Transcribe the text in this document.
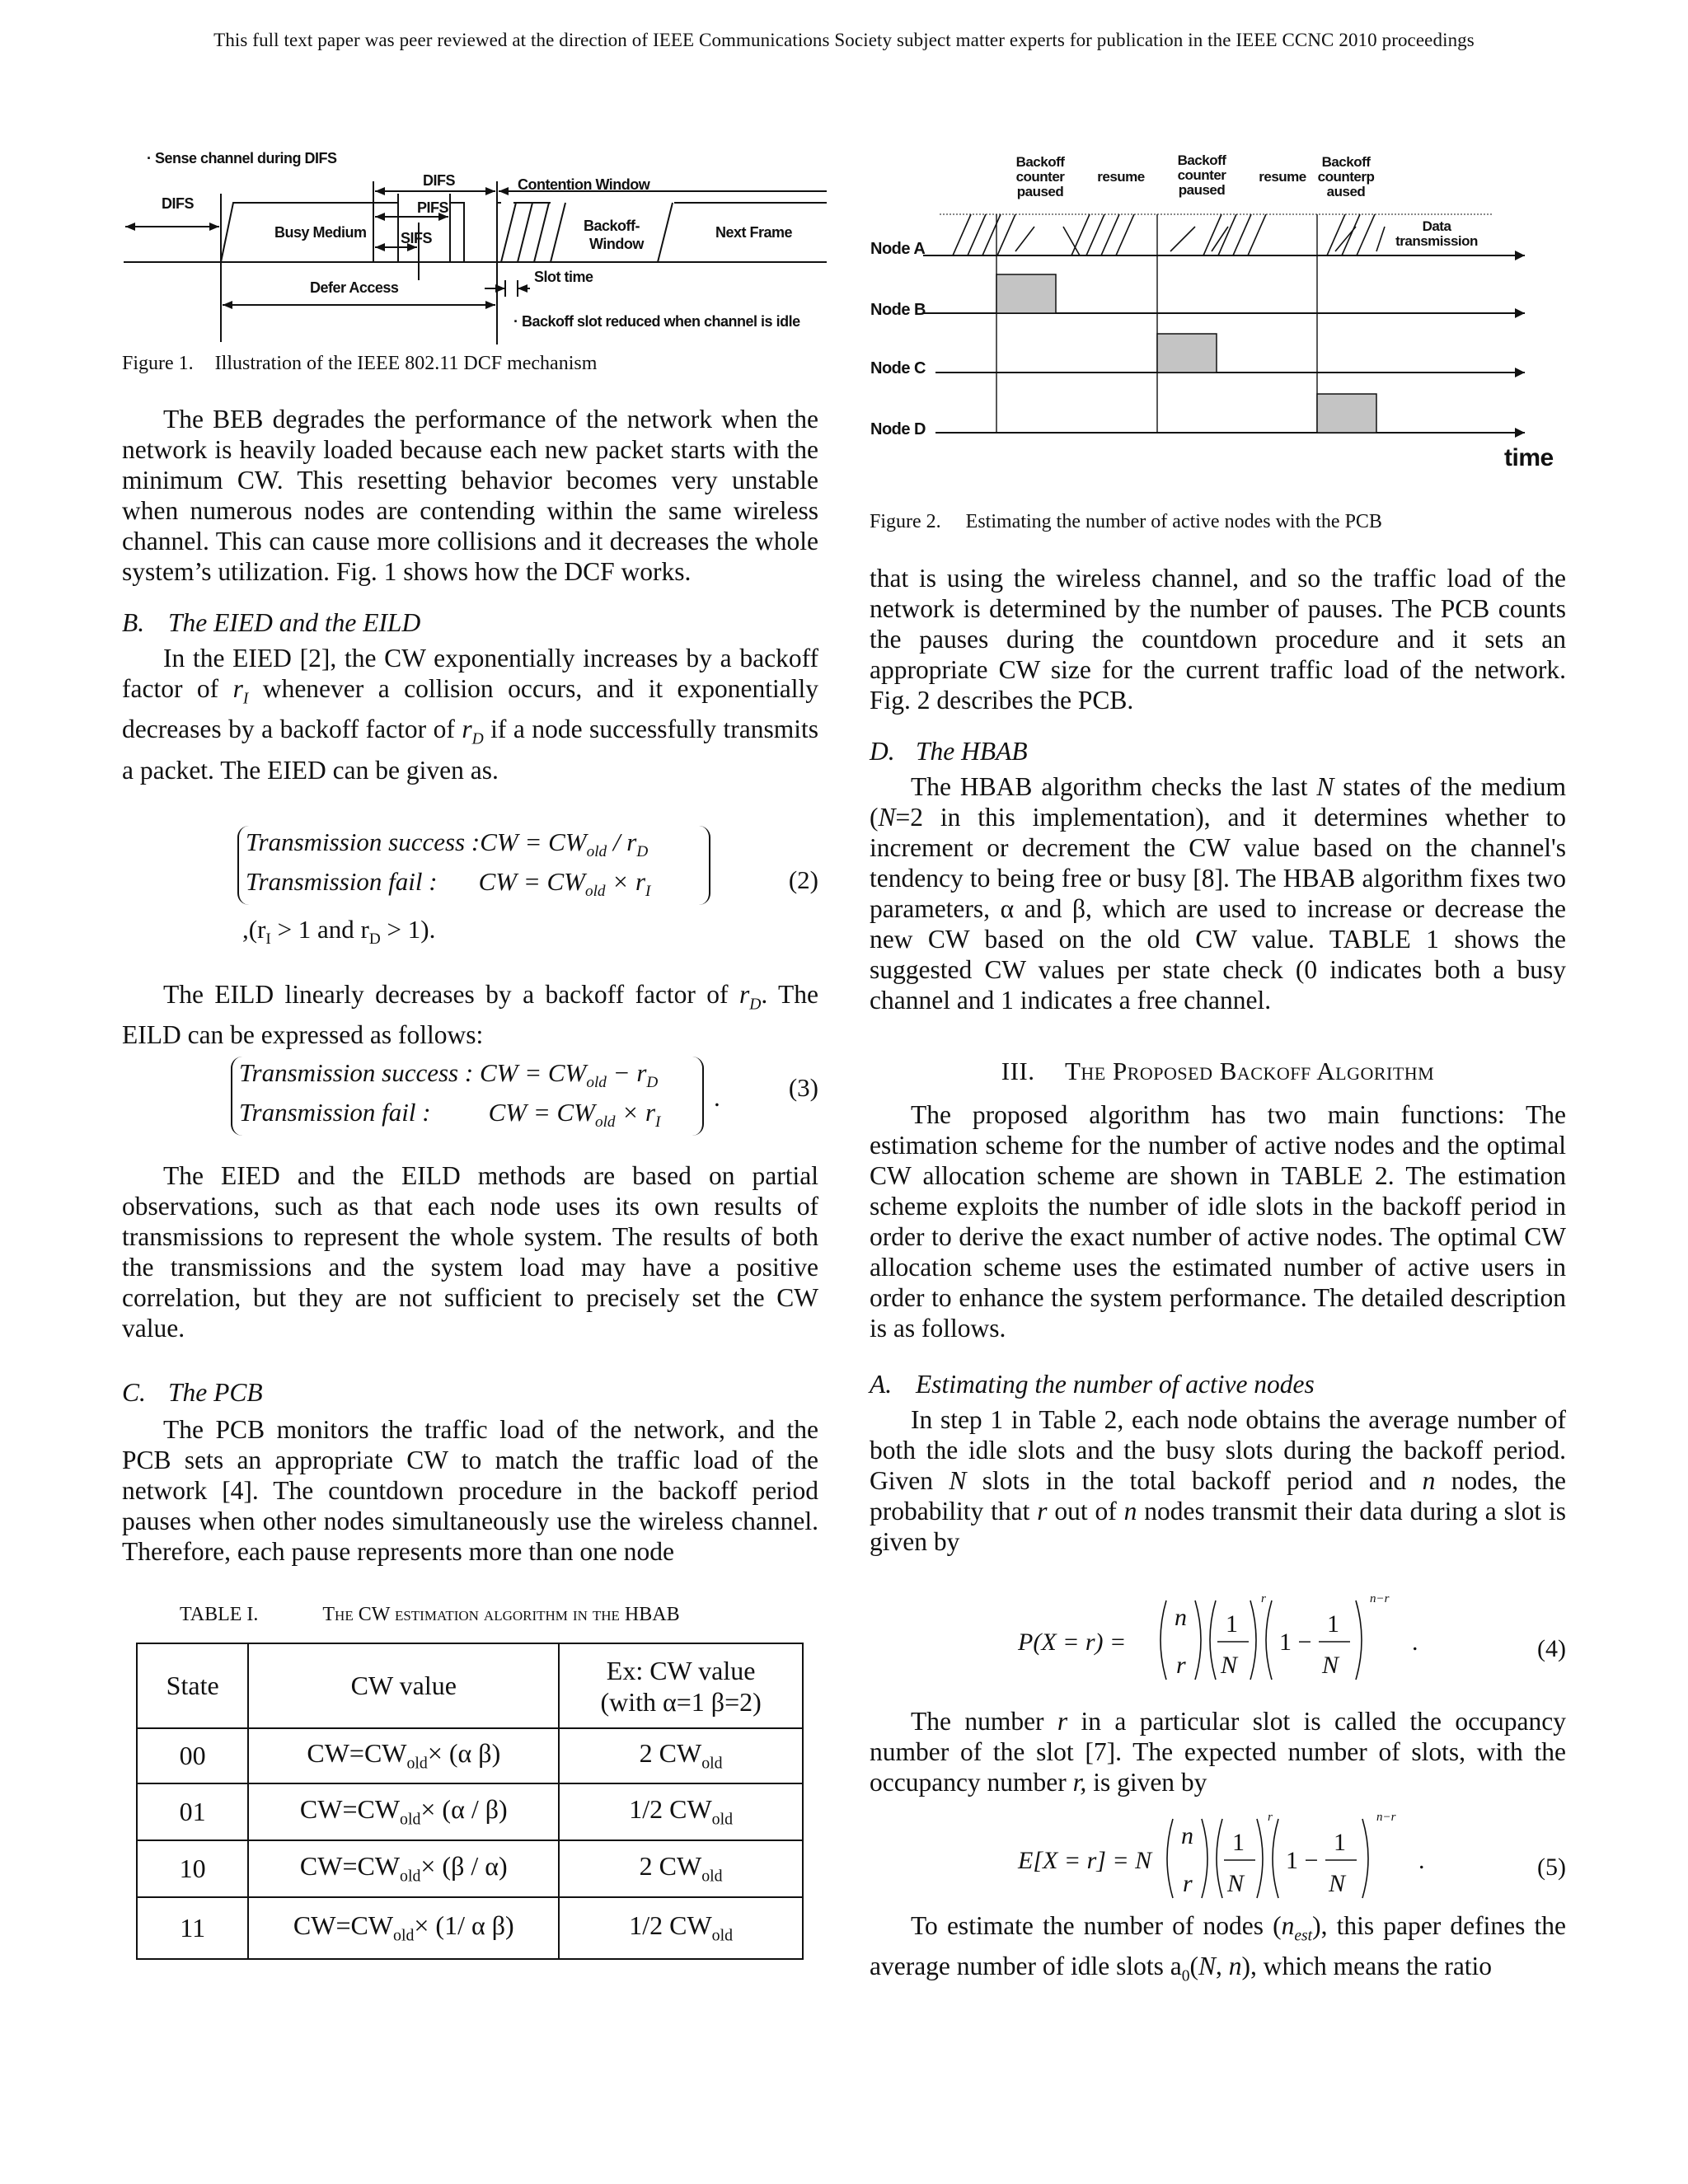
This full text paper was peer reviewed at the direction of IEEE Communications Society subject matter experts for publication in the IEEE CCNC 2010 proceedings
· Sense channel during DIFS
DIFS
DIFS
PIFS
SIFS
Busy Medium
Contention Window
Backoff-
Window
Next Frame
Slot time
Defer Access
· Backoff slot reduced when channel is idle
Figure 1. Illustration of the IEEE 802.11 DCF mechanism

The BEB degrades the performance of the network when the network is heavily loaded because each new packet starts with the minimum CW. This resetting behavior becomes very unstable when numerous nodes are contending within the same wireless channel. This can cause more collisions and it decreases the whole system’s utilization. Fig. 1 shows how the DCF works.

B. The EIED and the EILD

In the EIED [2], the CW exponentially increases by a backoff factor of $r_I$ whenever a collision occurs, and it exponentially decreases by a backoff factor of $r_D$ if a node successfully transmits a packet. The EIED can be given as.

Transmission success :CW = $CW_{old} / r_D$
Transmission fail : CW = $CW_{old} \times r_I$	(2)
$,(r_I > 1$ and $r_D > 1$).

The EILD linearly decreases by a backoff factor of $r_D$. The EILD can be expressed as follows:

Transmission success : CW = $CW_{old} - r_D$
Transmission fail : CW = $CW_{old} \times r_I$
.	(3)

The EIED and the EILD methods are based on partial observations, such as that each node uses its own results of transmissions to represent the whole system. The results of both the transmissions and the system load may have a positive correlation, but they are not sufficient to precisely set the CW value.

C. The PCB

The PCB monitors the traffic load of the network, and the PCB sets an appropriate CW to match the traffic load of the network [4]. The countdown procedure in the backoff period pauses when other nodes simultaneously use the wireless channel. Therefore, each pause represents more than one node

TABLE I.	The CW estimation algorithm in the HBAB
State	CW value	Ex: CW value
(with α=1 β=2)
00	$CW=CW_{old}\times (\alpha$ β)	2 $CW_{old}$
01	$CW=CW_{old}\times (\alpha / \beta)$	1/2 $CW_{old}$
10	$CW=CW_{old}\times (\beta / \alpha)$	2 $CW_{old}$
11	$CW=CW_{old}\times (1/$ α β)	1/2 $CW_{old}$
Backoff
counter
paused
resume
Backoff
counter
paused
resume
Backoff
counterp
aused
Data
transmission
Node A
Node B
Node C
Node D
time
Figure 2. Estimating the number of active nodes with the PCB

that is using the wireless channel, and so the traffic load of the network is determined by the number of pauses. The PCB counts the pauses during the countdown procedure and it sets an appropriate CW size for the current traffic load of the network. Fig. 2 describes the PCB.

D. The HBAB

The HBAB algorithm checks the last N states of the medium (N=2 in this implementation), and it determines whether to increment or decrement the CW value based on the channel's tendency to being free or busy [8]. The HBAB algorithm fixes two parameters, α and β, which are used to increase or decrease the new CW based on the old CW value. TABLE 1 shows the suggested CW values per state check (0 indicates both a busy channel and 1 indicates a free channel.

III. The Proposed Backoff Algorithm

The proposed algorithm has two main functions: The estimation scheme for the number of active nodes and the optimal CW allocation scheme are shown in TABLE 2. The estimation scheme exploits the number of idle slots in the backoff period in order to derive the exact number of active nodes. The optimal CW allocation scheme uses the estimated number of active users in order to enhance the system performance. The detailed description is as follows.

A. Estimating the number of active nodes

In step 1 in Table 2, each node obtains the average number of both the idle slots and the busy slots during the backoff period. Given N slots in the total backoff period and n nodes, the probability that r out of n nodes transmit their data during a slot is given by

P(X = r) =
n
r
1
N
r
1 −
1
N
n−r
.	(4)

The number r in a particular slot is called the occupancy number of the slot [7]. The expected number of slots, with the occupancy number r, is given by

E[X = r] = N
n
r
1
N
r
1 −
1
N
n−r
.	(5)

To estimate the number of nodes $(n_{est})$, this paper defines the average number of idle slots $a_0(N$, n), which means the ratio
